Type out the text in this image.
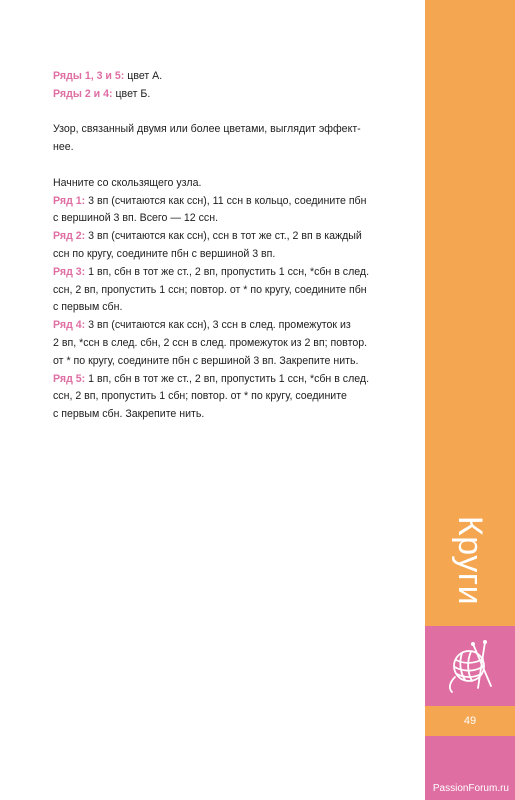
Ряды 1, 3 и 5: цвет А.

Ряды 2 и 4: цвет Б.

Узор, связанный двумя или более цветами, выглядит эффект-

нее.

Начните со скользящего узла.

Ряд 1: 3 вп (считаются как ссн), 11 ссн в кольцо, соедините пбн

с вершиной 3 вп. Всего — 12 ссн.

Ряд 2: 3 вп (считаются как ссн), ссн в тот же ст., 2 вп в каждый

ссн по кругу, соедините пбн с вершиной 3 вп.

Ряд 3: 1 вп, сбн в тот же ст., 2 вп, пропустить 1 ссн, *сбн в след.

ссн, 2 вп, пропустить 1 ссн; повтор. от * по кругу, соедините пбн

с первым сбн.

Ряд 4: 3 вп (считаются как ссн), 3 ссн в след. промежуток из

2 вп, *ссн в след. сбн, 2 ссн в след. промежуток из 2 вп; повтор.

от * по кругу, соедините пбн с вершиной 3 вп. Закрепите нить.

Ряд 5: 1 вп, сбн в тот же ст., 2 вп, пропустить 1 ссн, *сбн в след.

ссн, 2 вп, пропустить 1 сбн; повтор. от * по кругу, соедините

с первым сбн. Закрепите нить.

Круги
49
PassionForum.ru
